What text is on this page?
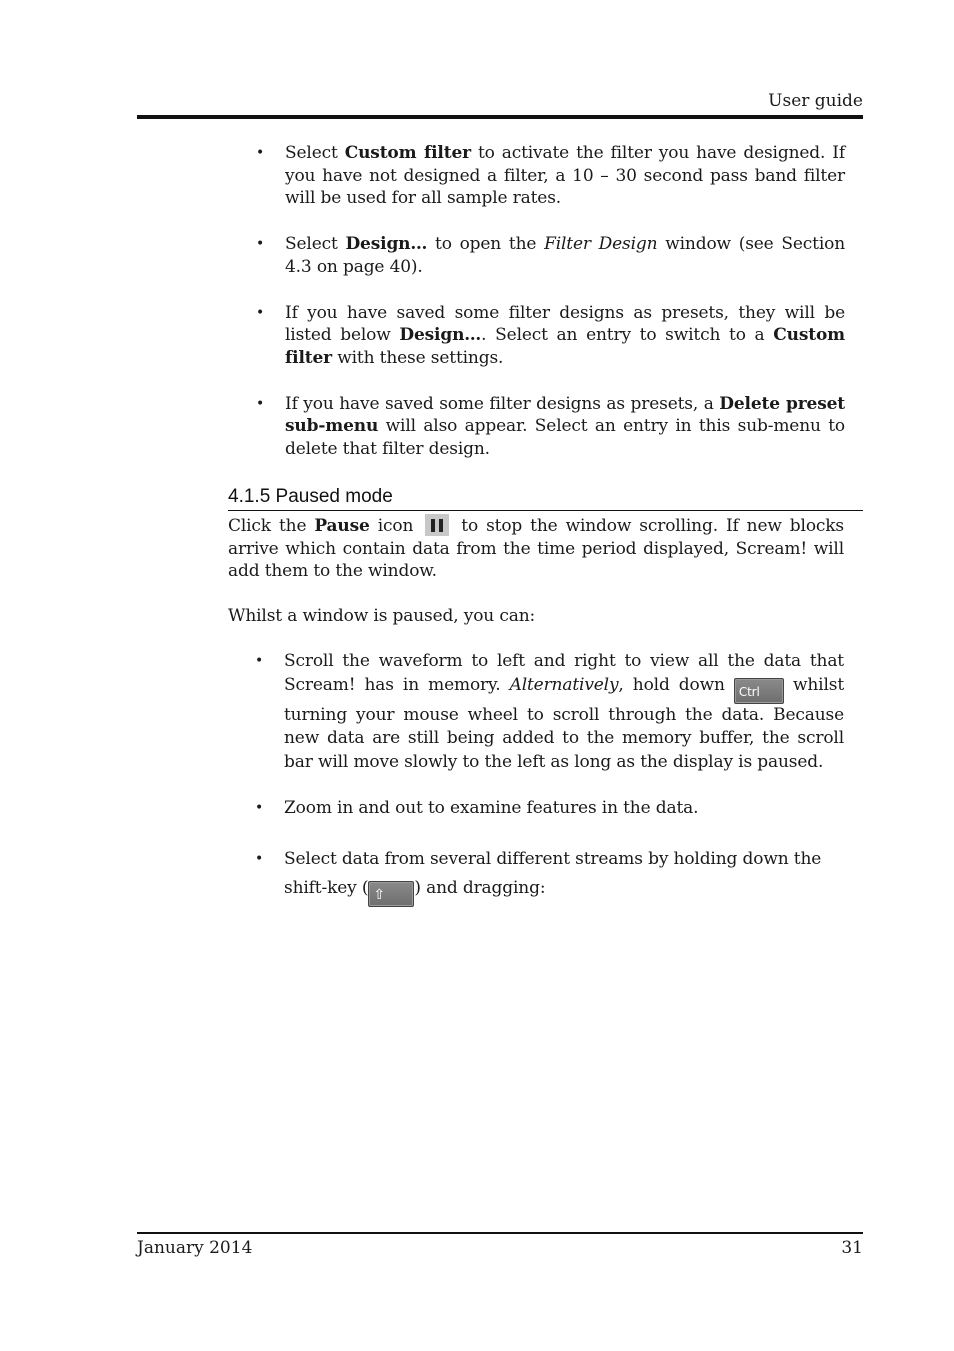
User guide
• Select Custom filter to activate the filter you have designed. If you have not designed a filter, a 10 – 30 second pass band filter will be used for all sample rates.
• Select Design… to open the Filter Design window (see Section 4.3 on page 40).
• If you have saved some filter designs as presets, they will be listed below Design…. Select an entry to switch to a Custom filter with these settings.
• If you have saved some filter designs as presets, a Delete preset sub-menu will also appear. Select an entry in this sub-menu to delete that filter design.
4.1.5 Paused mode
Click the Pause icon
to stop the window scrolling. If new blocks arrive which contain data from the time period displayed, Scream! will add them to the window.
Whilst a window is paused, you can:
• Scroll the waveform to left and right to view all the data that Scream! has in memory. Alternatively, hold down Ctrl whilst turning your mouse wheel to scroll through the data. Because new data are still being added to the memory buffer, the scroll bar will move slowly to the left as long as the display is paused.
• Zoom in and out to examine features in the data.
• Select data from several different streams by holding down the shift-key ( ⇧ ) and dragging:
January 2014	31
